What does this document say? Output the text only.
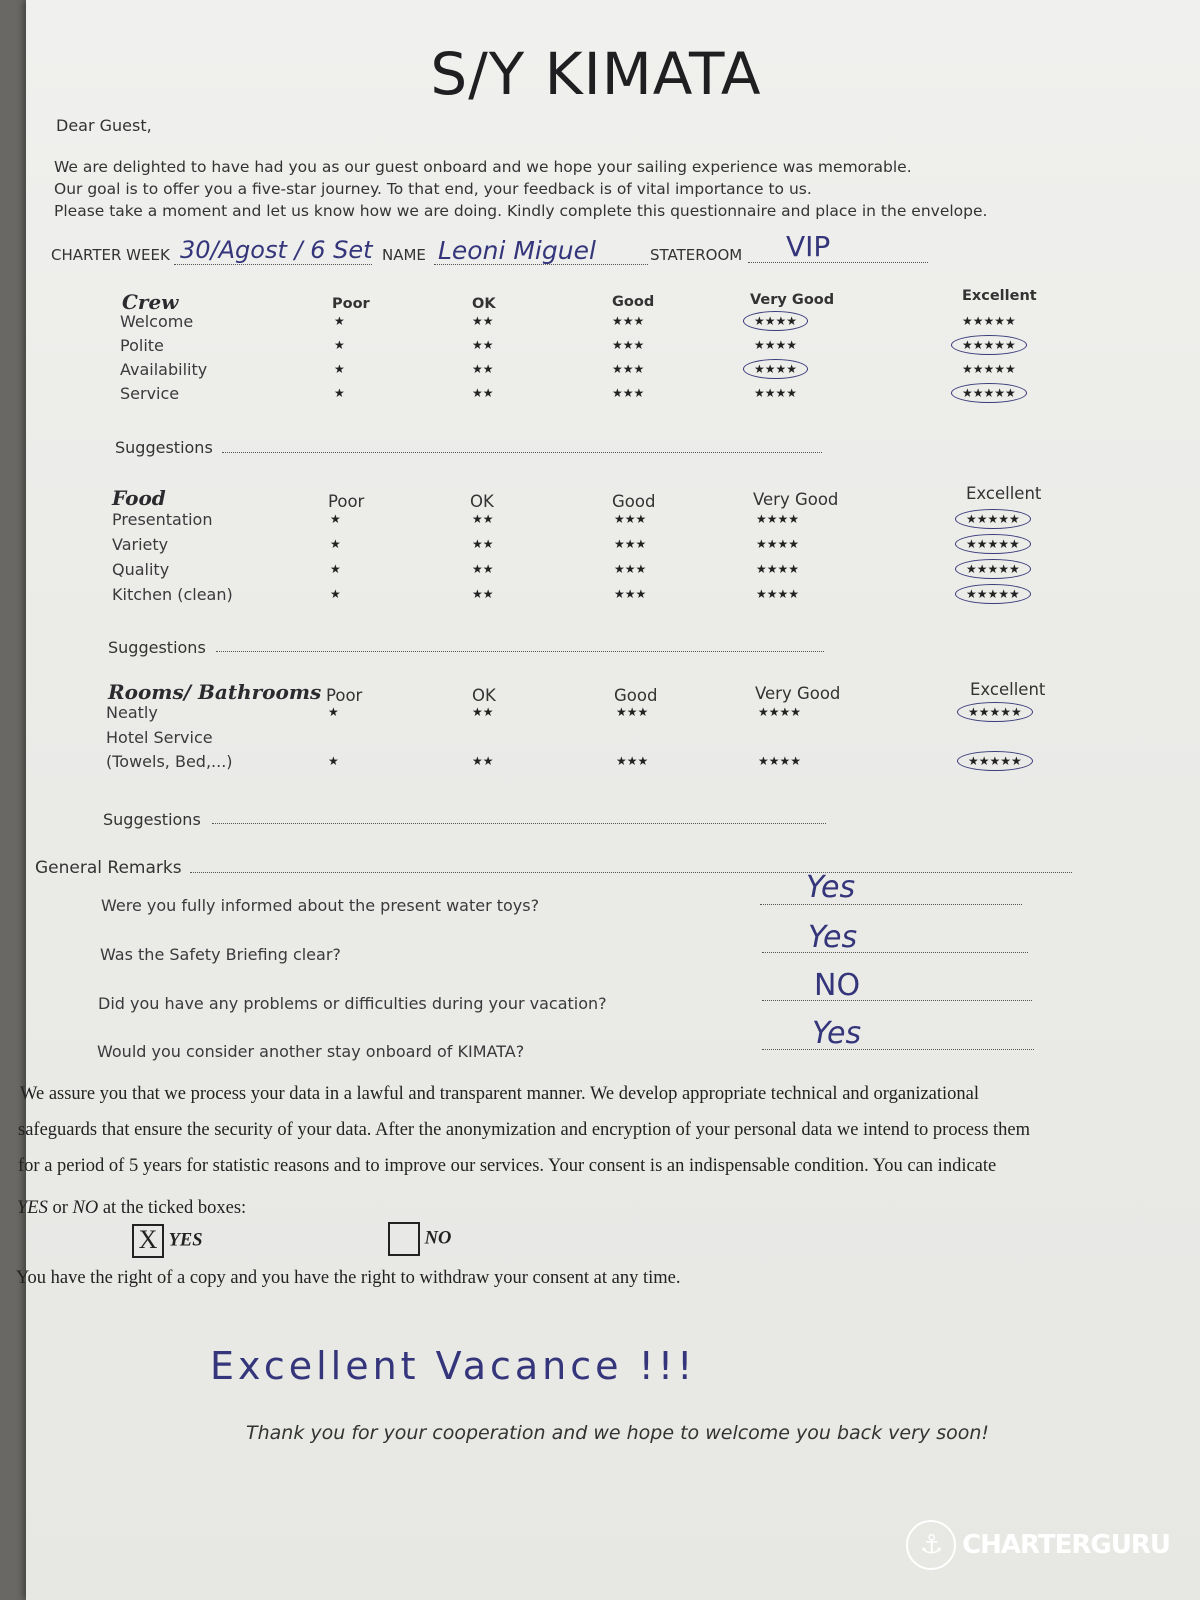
S/Y KIMATA
Dear Guest,
We are delighted to have had you as our guest onboard and we hope your sailing experience was memorable.
Our goal is to offer you a five-star journey. To that end, your feedback is of vital importance to us.
Please take a moment and let us know how we are doing. Kindly complete this questionnaire and place in the envelope.
CHARTER WEEK 30/Agost / 6 Set NAME Leoni Miguel	STATEROOM VIP
Crew	Poor	OK	Good	Very Good	Excellent
Welcome	★	★★	★★★	★★★★	★★★★★
Polite	★	★★	★★★	★★★★	★★★★★
Availability	★	★★	★★★	★★★★	★★★★★
Service	★	★★	★★★	★★★★	★★★★★
Suggestions
Food	Poor	OK	Good	Very Good	Excellent
Presentation	★	★★	★★★	★★★★	★★★★★
Variety	★	★★	★★★	★★★★	★★★★★
Quality	★	★★	★★★	★★★★	★★★★★
Kitchen (clean)	★	★★	★★★	★★★★	★★★★★
Suggestions
Rooms/ Bathrooms Poor	OK	Good	Very Good	Excellent
Neatly	★	★★	★★★	★★★★	★★★★★
Hotel Service
(Towels, Bed,...)	★	★★	★★★	★★★★	★★★★★
Suggestions
General Remarks
Were you fully informed about the present water toys?
Yes
Was the Safety Briefing clear?	Yes
Did you have any problems or difficulties during your vacation?
NO
Would you consider another stay onboard of KIMATA?
Yes
We assure you that we process your data in a lawful and transparent manner. We develop appropriate technical and organizational
safeguards that ensure the security of your data. After the anonymization and encryption of your personal data we intend to process them
for a period of 5 years for statistic reasons and to improve our services. Your consent is an indispensable condition. You can indicate
YES or NO at the ticked boxes:
X YES	NO
You have the right of a copy and you have the right to withdraw your consent at any time.
Excellent Vacance !!!
Thank you for your cooperation and we hope to welcome you back very soon!
⚓ CHARTERGURU
